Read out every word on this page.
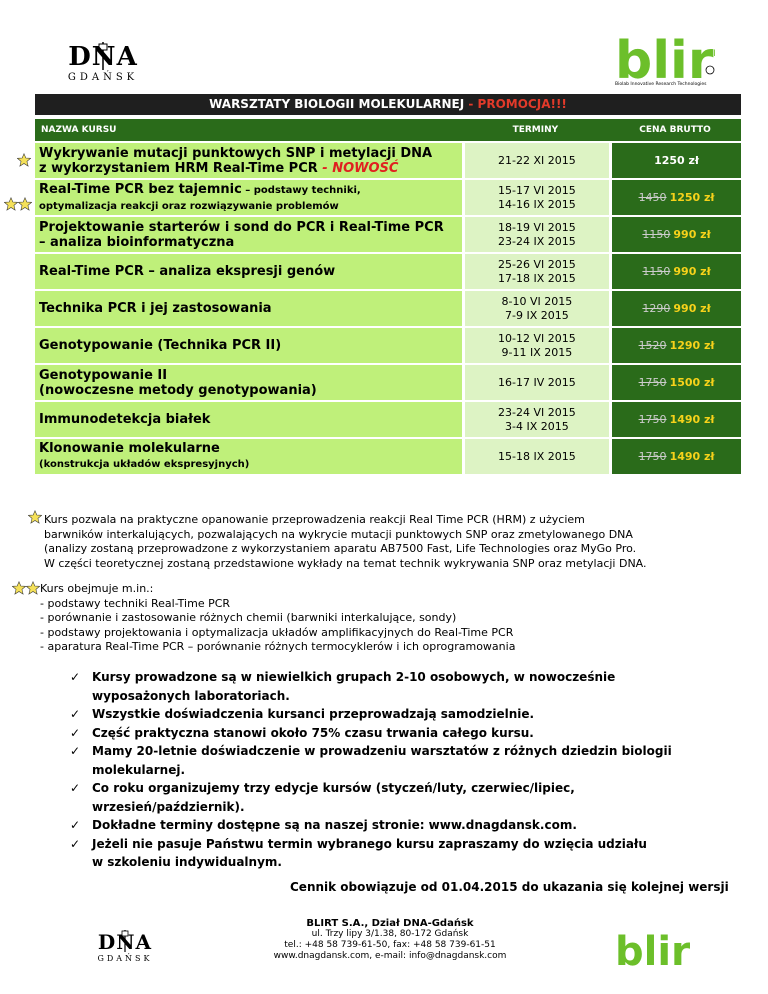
DNA
GDAŃSK	blir
Biolab Innovative Research Technologies
WARSZTATY BIOLOGII MOLEKULARNEJ - PROMOCJA!!!
NAZWA KURSU	TERMINY	CENA BRUTTO
Wykrywanie mutacji punktowych SNP i metylacji DNA
z wykorzystaniem HRM Real-Time PCR - NOWOŚĆ	21-22 XI 2015	1250 zł
Real-Time PCR bez tajemnic – podstawy techniki,
optymalizacja reakcji oraz rozwiązywanie problemów	15-17 VI 2015
14-16 IX 2015	1450 1250 zł
Projektowanie starterów i sond do PCR i Real-Time PCR
– analiza bioinformatyczna	18-19 VI 2015
23-24 IX 2015	1150 990 zł
Real-Time PCR – analiza ekspresji genów	25-26 VI 2015
17-18 IX 2015	1150 990 zł
Technika PCR i jej zastosowania	8-10 VI 2015
7-9 IX 2015	1290 990 zł
Genotypowanie (Technika PCR II)	10-12 VI 2015
9-11 IX 2015	1520 1290 zł
Genotypowanie II
(nowoczesne metody genotypowania)	16-17 IV 2015	1750 1500 zł
Immunodetekcja białek	23-24 VI 2015
3-4 IX 2015	1750 1490 zł
Klonowanie molekularne
(konstrukcja układów ekspresyjnych)	15-18 IX 2015	1750 1490 zł
Kurs pozwala na praktyczne opanowanie przeprowadzenia reakcji Real Time PCR (HRM) z użyciem
barwników interkalujących, pozwalających na wykrycie mutacji punktowych SNP oraz zmetylowanego DNA
(analizy zostaną przeprowadzone z wykorzystaniem aparatu AB7500 Fast, Life Technologies oraz MyGo Pro.
W części teoretycznej zostaną przedstawione wykłady na temat technik wykrywania SNP oraz metylacji DNA.
Kurs obejmuje m.in.:
- podstawy techniki Real-Time PCR
- porównanie i zastosowanie różnych chemii (barwniki interkalujące, sondy)
- podstawy projektowania i optymalizacja układów amplifikacyjnych do Real-Time PCR
- aparatura Real-Time PCR – porównanie różnych termocyklerów i ich oprogramowania
✓ Kursy prowadzone są w niewielkich grupach 2-10 osobowych, w nowocześnie
wyposażonych laboratoriach.
✓ Wszystkie doświadczenia kursanci przeprowadzają samodzielnie.
✓ Część praktyczna stanowi około 75% czasu trwania całego kursu.
✓ Mamy 20-letnie doświadczenie w prowadzeniu warsztatów z różnych dziedzin biologii
molekularnej.
✓ Co roku organizujemy trzy edycje kursów (styczeń/luty, czerwiec/lipiec,
wrzesień/październik).
✓ Dokładne terminy dostępne są na naszej stronie: www.dnagdansk.com.
✓ Jeżeli nie pasuje Państwu termin wybranego kursu zapraszamy do wzięcia udziału
w szkoleniu indywidualnym.
Cennik obowiązuje od 01.04.2015 do ukazania się kolejnej wersji
DNA
GDAŃSK
BLIRT S.A., Dział DNA-Gdańsk
ul. Trzy lipy 3/1.38, 80-172 Gdańsk
tel.: +48 58 739-61-50, fax: +48 58 739-61-51
www.dnagdansk.com, e-mail: info@dnagdansk.com	blir
